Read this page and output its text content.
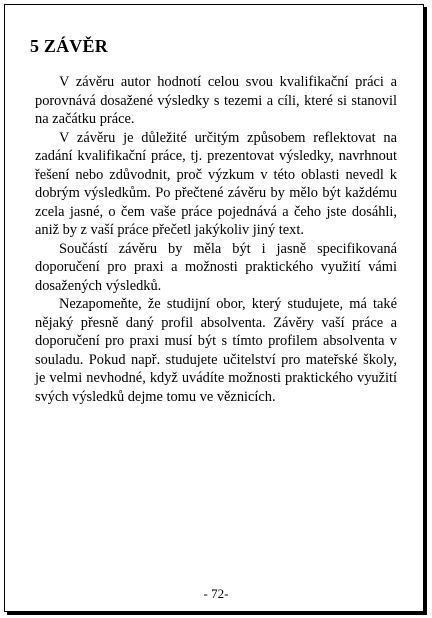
5 ZÁVĚR

V závěru autor hodnotí celou svou kvalifikační práci a porovnává dosažené výsledky s tezemi a cíli, které si stanovil na začátku práce.

V závěru je důležité určitým způsobem reflektovat na zadání kvalifikační práce, tj. prezentovat výsledky, navrhnout řešení nebo zdůvodnit, proč výzkum v této oblasti nevedl k dobrým výsledkům. Po přečtené závěru by mělo být každému zcela jasné, o čem vaše práce pojednává a čeho jste dosáhli, aniž by z vaší práce přečetl jakýkoliv jiný text.

Součástí závěru by měla být i jasně specifikovaná doporučení pro praxi a možnosti praktického využití vámi dosažených výsledků.

Nezapomeňte, že studijní obor, který studujete, má také nějaký přesně daný profil absolventa. Závěry vaší práce a doporučení pro praxi musí být s tímto profilem absolventa v souladu. Pokud např. studujete učitelství pro mateřské školy, je velmi nevhodné, když uvádíte možnosti praktického využití svých výsledků dejme tomu ve věznicích.

- 72-
